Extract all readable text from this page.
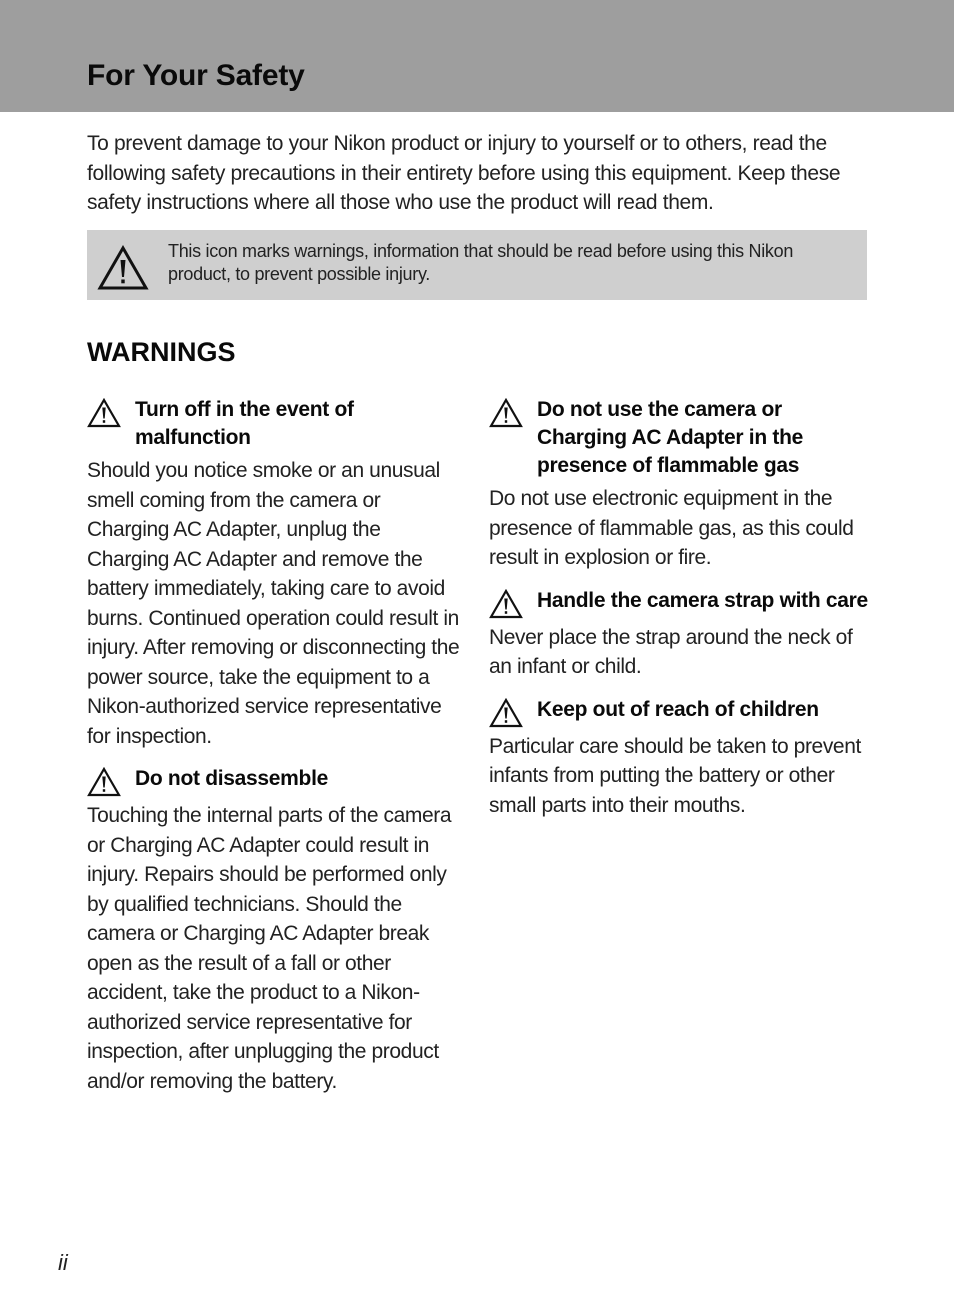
For Your Safety

To prevent damage to your Nikon product or injury to yourself or to others, read the following safety precautions in their entirety before using this equipment. Keep these safety instructions where all those who use the product will read them.

This icon marks warnings, information that should be read before using this Nikon product, to prevent possible injury.

WARNINGS
Turn off in the event of malfunction

Should you notice smoke or an unusual smell coming from the camera or Charging AC Adapter, unplug the Charging AC Adapter and remove the battery immediately, taking care to avoid burns. Continued operation could result in injury. After removing or disconnecting the power source, take the equipment to a Nikon-authorized service representative for inspection.

Do not disassemble

Touching the internal parts of the camera or Charging AC Adapter could result in injury. Repairs should be performed only by qualified technicians. Should the camera or Charging AC Adapter break open as the result of a fall or other accident, take the product to a Nikon-authorized service representative for inspection, after unplugging the product and/or removing the battery.

Do not use the camera or Charging AC Adapter in the presence of flammable gas

Do not use electronic equipment in the presence of flammable gas, as this could result in explosion or fire.

Handle the camera strap with care

Never place the strap around the neck of an infant or child.

Keep out of reach of children

Particular care should be taken to prevent infants from putting the battery or other small parts into their mouths.

ii
